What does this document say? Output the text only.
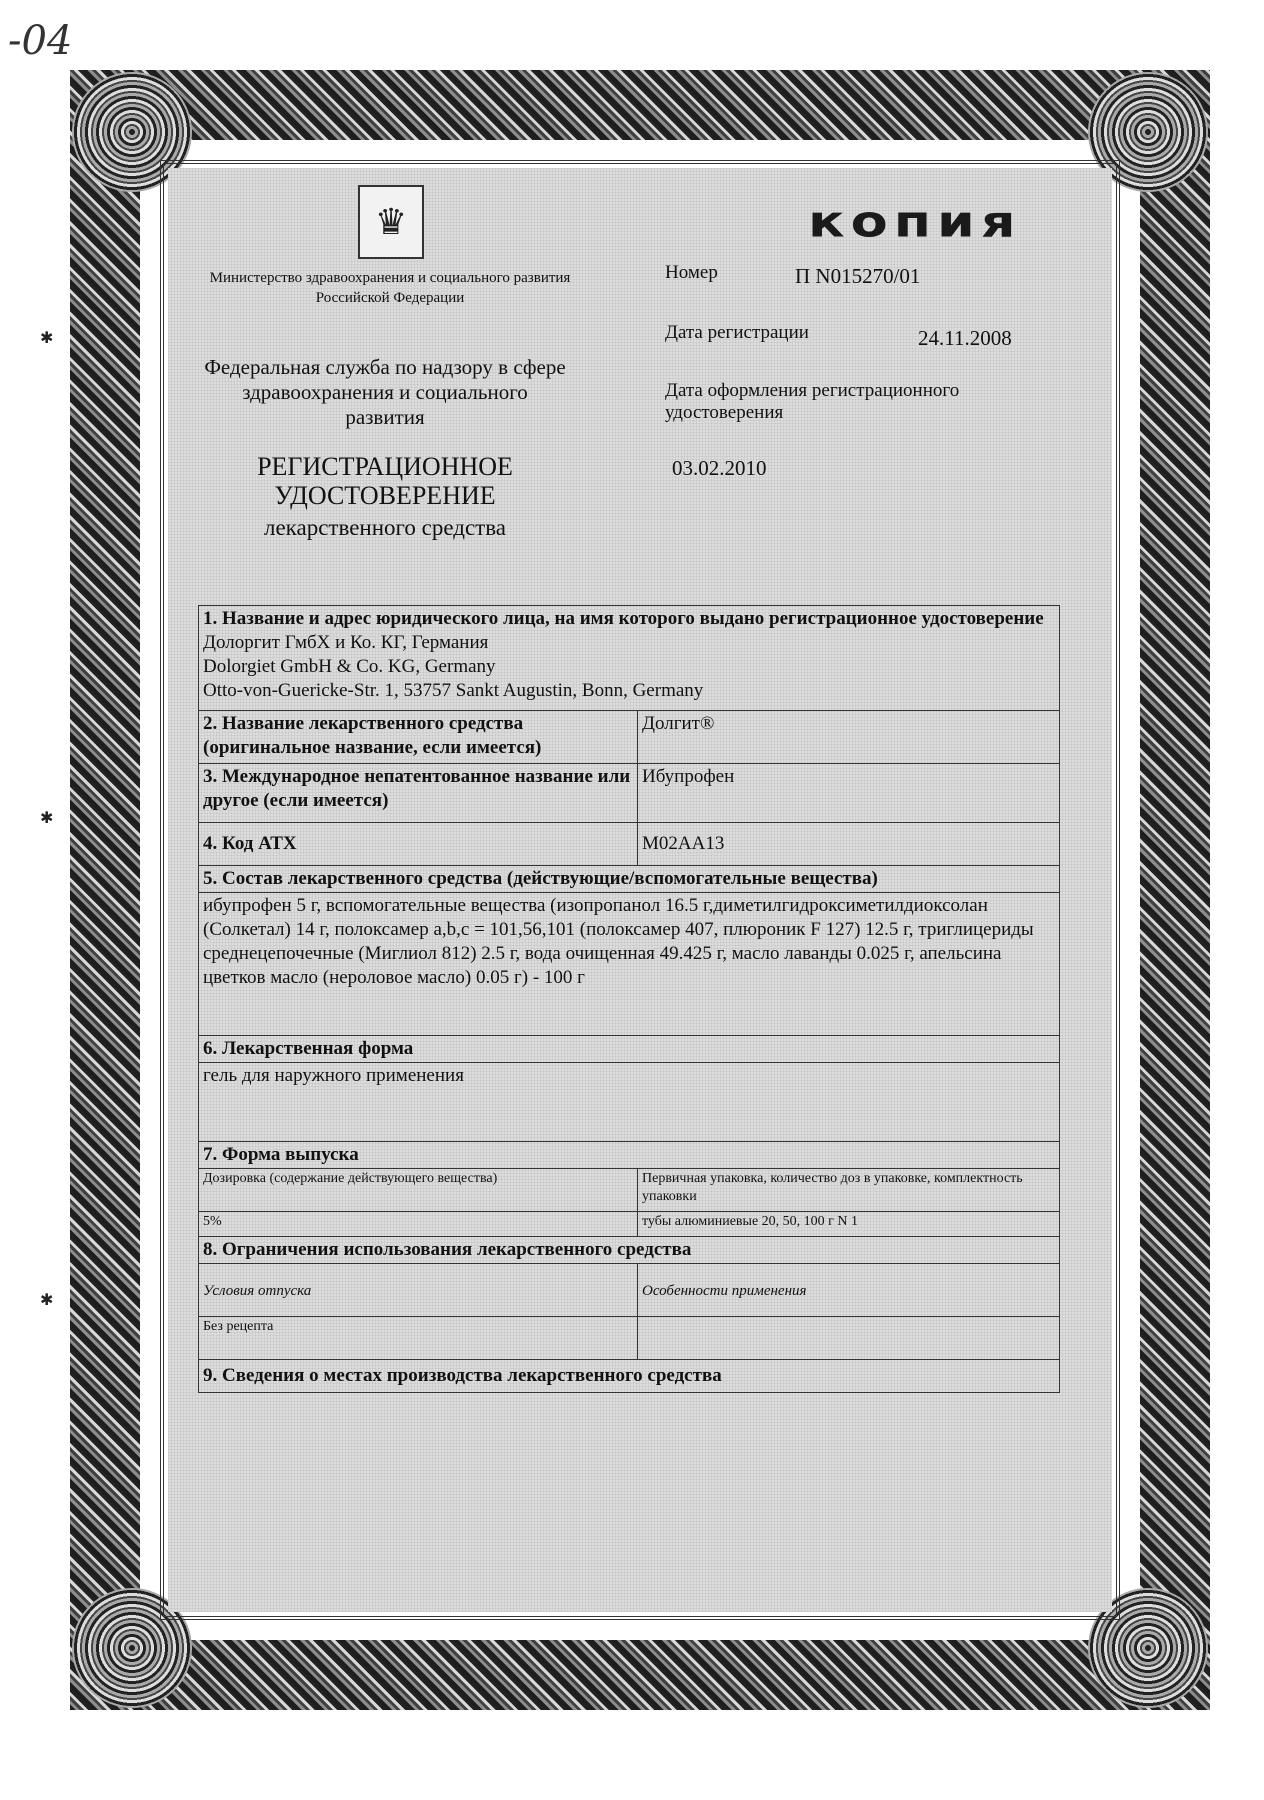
-04
✱
✱
✱
♛	копия
Министерство здравоохранения и социального развития Российской Федерации
Федеральная служба по надзору в сфере здравоохранения и социального развития
РЕГИСТРАЦИОННОЕ УДОСТОВЕРЕНИЕ
лекарственного средства
Номер	П N015270/01
Дата регистрации	24.11.2008
Дата оформления регистрационного удостоверения
03.02.2010
1. Название и адрес юридического лица, на имя которого выдано регистрационное удостоверение
Долоргит ГмбХ и Ко. КГ, Германия
Dolorgiet GmbH & Co. KG, Germany
Otto-von-Guericke-Str. 1, 53757 Sankt Augustin, Bonn, Germany	

2. Название лекарственного средства (оригинальное название, если имеется)	Долгит®
3. Международное непатентованное название или другое (если имеется)	Ибупрофен
4. Код АТХ	M02AA13
5. Состав лекарственного средства (действующие/вспомогательные вещества)	
ибупрофен 5 г, вспомогательные вещества (изопропанол 16.5 г,диметилгидроксиметилдиоксолан (Солкетал) 14 г, полоксамер a,b,c = 101,56,101 (полоксамер 407, плюроник F 127) 12.5 г, триглицериды среднецепочечные (Миглиол 812) 2.5 г, вода очищенная 49.425 г, масло лаванды 0.025 г, апельсина цветков масло (нероловое масло) 0.05 г) - 100 г	
6. Лекарственная форма	
гель для наружного применения	
7. Форма выпуска	
Дозировка (содержание действующего вещества)	Первичная упаковка, количество доз в упаковке, комплектность упаковки
5%	тубы алюминиевые 20, 50, 100 г N 1
8. Ограничения использования лекарственного средства	
Условия отпуска	Особенности применения
Без рецепта	
9. Сведения о местах производства лекарственного средства	
